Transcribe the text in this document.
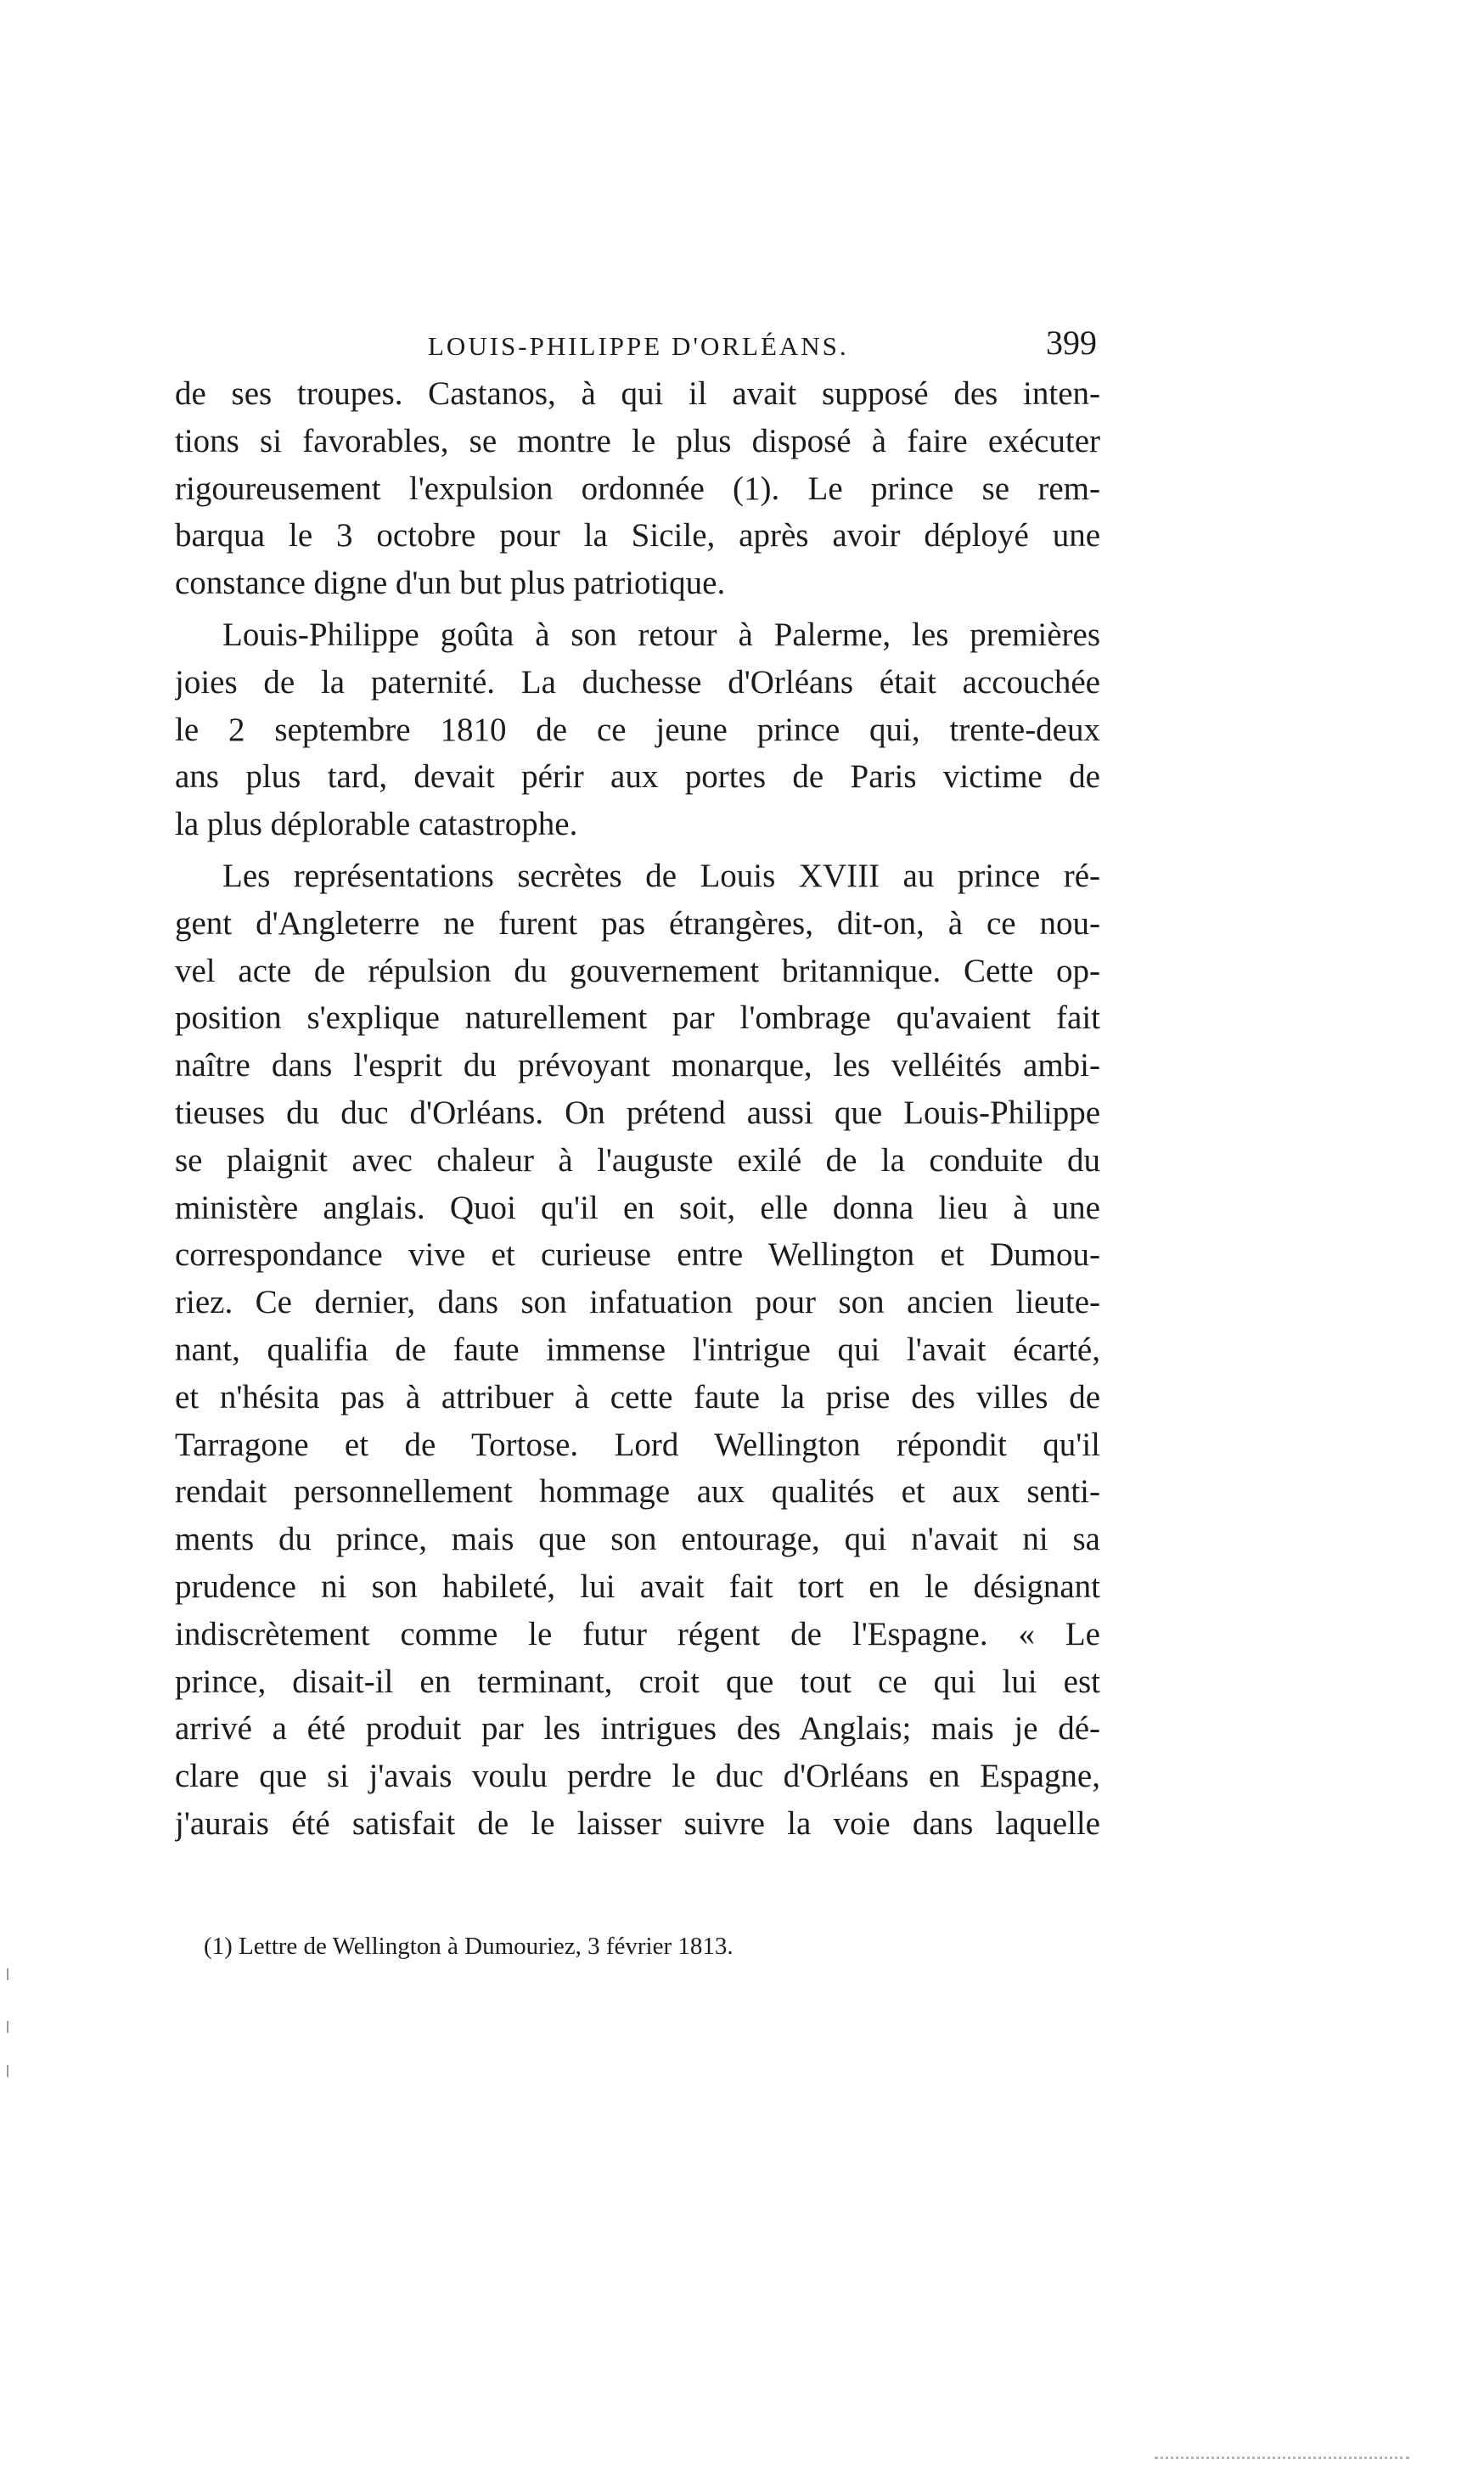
LOUIS-PHILIPPE D'ORLÉANS.	399
de ses troupes. Castanos, à qui il avait supposé des inten-
tions si favorables, se montre le plus disposé à faire exécuter
rigoureusement l'expulsion ordonnée (1). Le prince se rem-
barqua le 3 octobre pour la Sicile, après avoir déployé une
constance digne d'un but plus patriotique.
Louis-Philippe goûta à son retour à Palerme, les premières
joies de la paternité. La duchesse d'Orléans était accouchée
le 2 septembre 1810 de ce jeune prince qui, trente-deux
ans plus tard, devait périr aux portes de Paris victime de
la plus déplorable catastrophe.
Les représentations secrètes de Louis XVIII au prince ré-
gent d'Angleterre ne furent pas étrangères, dit-on, à ce nou-
vel acte de répulsion du gouvernement britannique. Cette op-
position s'explique naturellement par l'ombrage qu'avaient fait
naître dans l'esprit du prévoyant monarque, les velléités ambi-
tieuses du duc d'Orléans. On prétend aussi que Louis-Philippe
se plaignit avec chaleur à l'auguste exilé de la conduite du
ministère anglais. Quoi qu'il en soit, elle donna lieu à une
correspondance vive et curieuse entre Wellington et Dumou-
riez. Ce dernier, dans son infatuation pour son ancien lieute-
nant, qualifia de faute immense l'intrigue qui l'avait écarté,
et n'hésita pas à attribuer à cette faute la prise des villes de
Tarragone et de Tortose. Lord Wellington répondit qu'il
rendait personnellement hommage aux qualités et aux senti-
ments du prince, mais que son entourage, qui n'avait ni sa
prudence ni son habileté, lui avait fait tort en le désignant
indiscrètement comme le futur régent de l'Espagne. « Le
prince, disait-il en terminant, croit que tout ce qui lui est
arrivé a été produit par les intrigues des Anglais; mais je dé-
clare que si j'avais voulu perdre le duc d'Orléans en Espagne,
j'aurais été satisfait de le laisser suivre la voie dans laquelle
(1) Lettre de Wellington à Dumouriez, 3 février 1813.
